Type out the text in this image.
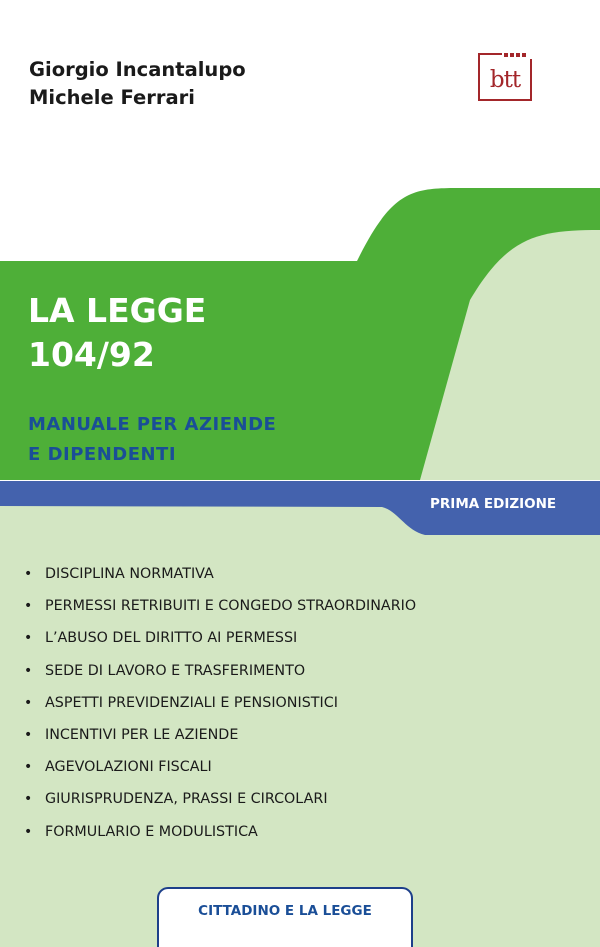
Giorgio Incantalupo
Michele Ferrari
btt
LA LEGGE
104/92
MANUALE PER AZIENDE
E DIPENDENTI
PRIMA EDIZIONE
• DISCIPLINA NORMATIVA
• PERMESSI RETRIBUITI E CONGEDO STRAORDINARIO
• L’ABUSO DEL DIRITTO AI PERMESSI
• SEDE DI LAVORO E TRASFERIMENTO
• ASPETTI PREVIDENZIALI E PENSIONISTICI
• INCENTIVI PER LE AZIENDE
• AGEVOLAZIONI FISCALI
• GIURISPRUDENZA, PRASSI E CIRCOLARI
• FORMULARIO E MODULISTICA
CITTADINO E LA LEGGE
